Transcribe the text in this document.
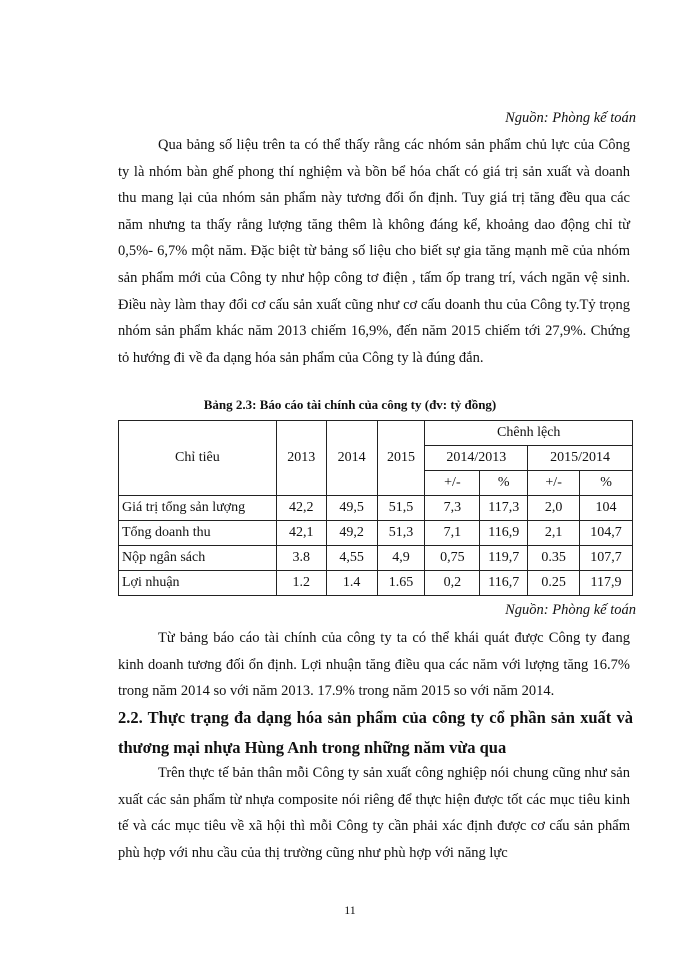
Nguồn: Phòng kế toán

Qua bảng số liệu trên ta có thể thấy rằng các nhóm sản phẩm chủ lực của Công ty là nhóm bàn ghế phong thí nghiệm và bồn bể hóa chất có giá trị sản xuất và doanh thu mang lại của nhóm sản phẩm này tương đối ổn định. Tuy giá trị tăng đều qua các năm nhưng ta thấy rằng lượng tăng thêm là không đáng kể, khoảng dao động chỉ từ 0,5%- 6,7% một năm. Đặc biệt từ bảng số liệu cho biết sự gia tăng mạnh mẽ của nhóm sản phẩm mới của Công ty như hộp công tơ điện , tấm ốp trang trí, vách ngăn vệ sinh. Điều này làm thay đổi cơ cấu sản xuất cũng như cơ cấu doanh thu của Công ty.Tỷ trọng nhóm sản phẩm khác năm 2013 chiếm 16,9%, đến năm 2015 chiếm tới 27,9%. Chứng tỏ hướng đi về đa dạng hóa sản phẩm của Công ty là đúng đắn.

Bảng 2.3: Báo cáo tài chính của công ty (đv: tỷ đồng)
Chỉ tiêu	2013	2014	2015	Chênh lệch			
				2014/2013		2015/2014	
				+/-	%	+/-	%
Giá trị tổng sản lượng	42,2	49,5	51,5	7,3	117,3	2,0	104
Tổng doanh thu	42,1	49,2	51,3	7,1	116,9	2,1	104,7
Nộp ngân sách	3.8	4,55	4,9	0,75	119,7	0.35	107,7
Lợi nhuận	1.2	1.4	1.65	0,2	116,7	0.25	117,9
Nguồn: Phòng kế toán

Từ bảng báo cáo tài chính của công ty ta có thể khái quát được Công ty đang kinh doanh tương đối ổn định. Lợi nhuận tăng điều qua các năm với lượng tăng 16.7% trong năm 2014 so với năm 2013. 17.9% trong năm 2015 so với năm 2014.

2.2. Thực trạng đa dạng hóa sản phẩm của công ty cổ phần sản xuất và thương mại nhựa Hùng Anh trong những năm vừa qua

Trên thực tế bản thân mỗi Công ty sản xuất công nghiệp nói chung cũng như sản xuất các sản phẩm từ nhựa composite nói riêng để thực hiện được tốt các mục tiêu kinh tế và các mục tiêu về xã hội thì mỗi Công ty cần phải xác định được cơ cấu sản phẩm phù hợp với nhu cầu của thị trường cũng như phù hợp với năng lực

11
